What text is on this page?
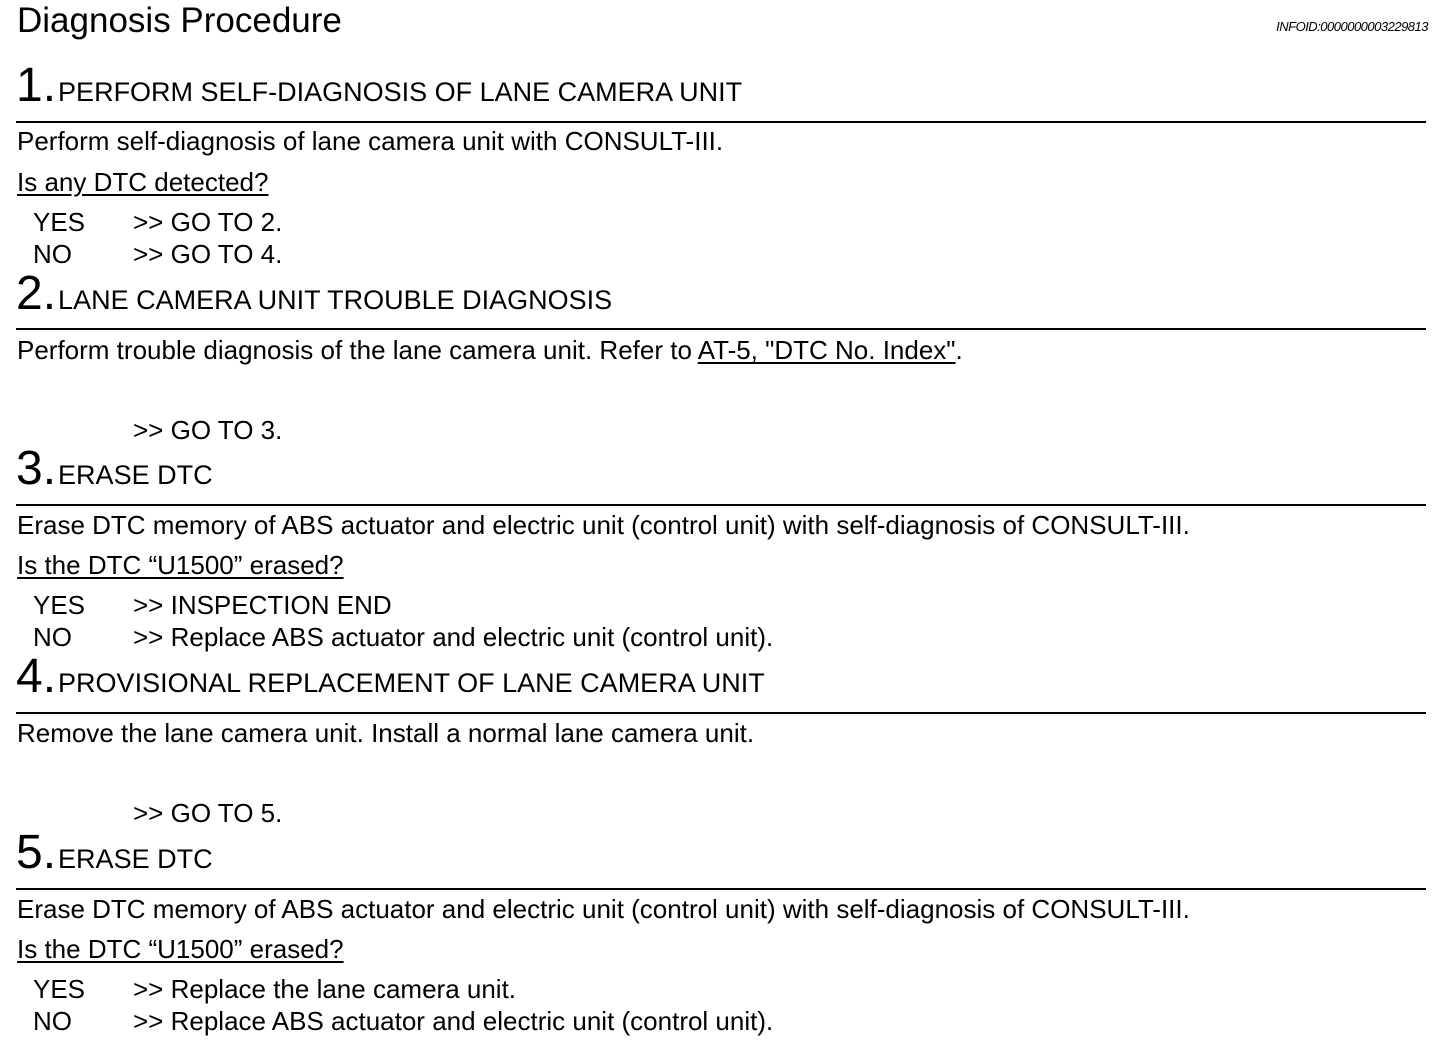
Diagnosis Procedure	INFOID:0000000003229813
1.PERFORM SELF-DIAGNOSIS OF LANE CAMERA UNIT
Perform self-diagnosis of lane camera unit with CONSULT-III.
Is any DTC detected?
YES >> GO TO 2.
NO >> GO TO 4.
2.LANE CAMERA UNIT TROUBLE DIAGNOSIS
Perform trouble diagnosis of the lane camera unit. Refer to AT-5, "DTC No. Index".
>> GO TO 3.
3.ERASE DTC
Erase DTC memory of ABS actuator and electric unit (control unit) with self-diagnosis of CONSULT-III.
Is the DTC “U1500” erased?
YES >> INSPECTION END
NO >> Replace ABS actuator and electric unit (control unit).
4.PROVISIONAL REPLACEMENT OF LANE CAMERA UNIT
Remove the lane camera unit. Install a normal lane camera unit.
>> GO TO 5.
5.ERASE DTC
Erase DTC memory of ABS actuator and electric unit (control unit) with self-diagnosis of CONSULT-III.
Is the DTC “U1500” erased?
YES >> Replace the lane camera unit.
NO >> Replace ABS actuator and electric unit (control unit).
